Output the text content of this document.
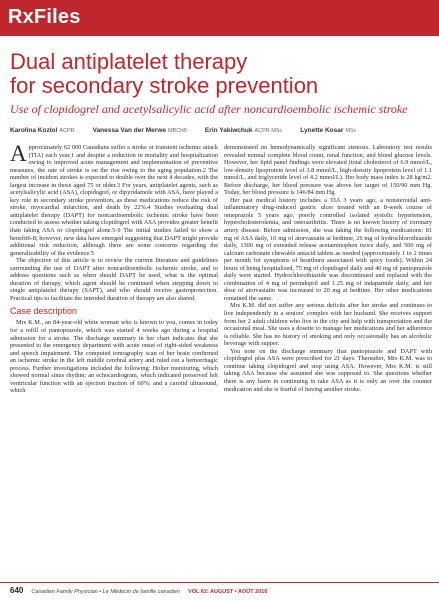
RxFiles
Dual antiplatelet therapy
for secondary stroke prevention
Use of clopidogrel and acetylsalicylic acid after noncardioembolic ischemic stroke
Karolina Kozlol ACPR	Vanessa Van der Merwe MBChB	Erin Yakiwchuk ACPR MSc	Lynette Kosar MSc

Approximately 62 000 Canadians suffer a stroke or transient ischemic attack (TIA) each year,1 and despite a reduction in mortality and hospitalization owing to improved acute management and implementation of preventive measures, the rate of stroke is on the rise owing to the aging population.2 The number of incident strokes is expected to double over the next 4 decades, with the largest increase in those aged 75 or older.3 For years, antiplatelet agents, such as acetylsalicylic acid (ASA), clopidogrel, or dipyridamole with ASA, have played a key role in secondary stroke prevention, as these medications reduce the risk of stroke, myocardial infarction, and death by 22%.4 Studies evaluating dual antiplatelet therapy (DAPT) for noncardioembolic ischemic stroke have been conducted to assess whether taking clopidogrel with ASA provides greater benefit than taking ASA or clopidogrel alone.5-9 The initial studies failed to show a benefit6-8; however, new data have emerged suggesting that DAPT might provide additional risk reduction, although there are some concerns regarding the generalizability of the evidence.5

The objective of this article is to review the current literature and guidelines surrounding the use of DAPT after noncardioembolic ischemic stroke, and to address questions such as when should DAPT be used, what is the optimal duration of therapy, which agent should be continued when stepping down to single antiplatelet therapy (SAPT), and who should receive gastroprotection. Practical tips to facilitate the intended duration of therapy are also shared.

Case description

Mrs K.M., an 84-year-old white woman who is known to you, comes in today for a refill of pantoprazole, which was started 4 weeks ago during a hospital admission for a stroke. The discharge summary in her chart indicates that she presented to the emergency department with acute onset of right-sided weakness and speech impairment. The computed tomography scan of her brain confirmed an ischemic stroke in the left middle cerebral artery and ruled out a hemorrhagic process. Further investigations included the following: Holter monitoring, which showed normal sinus rhythm; an echocardiogram, which indicated preserved left ventricular function with an ejection fraction of 60%; and a carotid ultrasound, which

demonstrated no hemodynamically significant stenosis. Laboratory test results revealed normal complete blood count, renal function, and blood glucose levels. However, her lipid panel findings were elevated (total cholesterol of 6.9 mmol/L, low-density lipoprotein level of 3.8 mmol/L, high-density lipoprotein level of 1.1 mmol/L, and triglyceride level of 4.2 mmol/L). Her body mass index is 28 kg/m2. Before discharge, her blood pressure was above her target of 150/90 mm Hg. Today, her blood pressure is 146/84 mm Hg.

Her past medical history includes a TIA 3 years ago, a nonsteroidal anti-inflammatory drug-induced gastric ulcer treated with an 8-week course of omeprazole 5 years ago, poorly controlled isolated systolic hypertension, hypercholesterolemia, and osteoarthritis. There is no known history of coronary artery disease. Before admission, she was taking the following medications: 81 mg of ASA daily, 10 mg of atorvastatin at bedtime, 26 mg of hydrochlorothiazide daily, 1300 mg of extended release acetaminophen twice daily, and 500 mg of calcium carbonate chewable antacid tablets as needed (approximately 1 to 2 times per month for symptoms of heartburn associated with spicy foods). Within 24 hours of being hospitalized, 75 mg of clopidogrel daily and 40 mg of pantoprazole daily were started. Hydrochlorothiazide was discontinued and replaced with the combination of 4 mg of perindopril and 1.25 mg of indapamide daily, and her dose of atorvastatin was increased to 20 mg at bedtime. Her other medications remained the same.

Mrs K.M. did not suffer any serious deficits after her stroke and continues to live independently in a seniors' complex with her husband. She receives support from her 2 adult children who live in the city and help with transportation and the occasional meal. She uses a dosette to manage her medications and her adherence is reliable. She has no history of smoking and only occasionally has an alcoholic beverage with supper.

You note on the discharge summary that pantoprazole and DAPT with clopidogrel plus ASA were prescribed for 21 days. Thereafter, Mrs K.M. was to continue taking clopidogrel and stop using ASA. However, Mrs K.M. is still taking ASA because she assumed she was supposed to. She questions whether there is any harm in continuing to take ASA as it is only an over the counter medication and she is fearful of having another stroke.

640 Canadian Family Physician • Le Médecin de famille canadien VOL 62: AUGUST • AOÛT 2016
